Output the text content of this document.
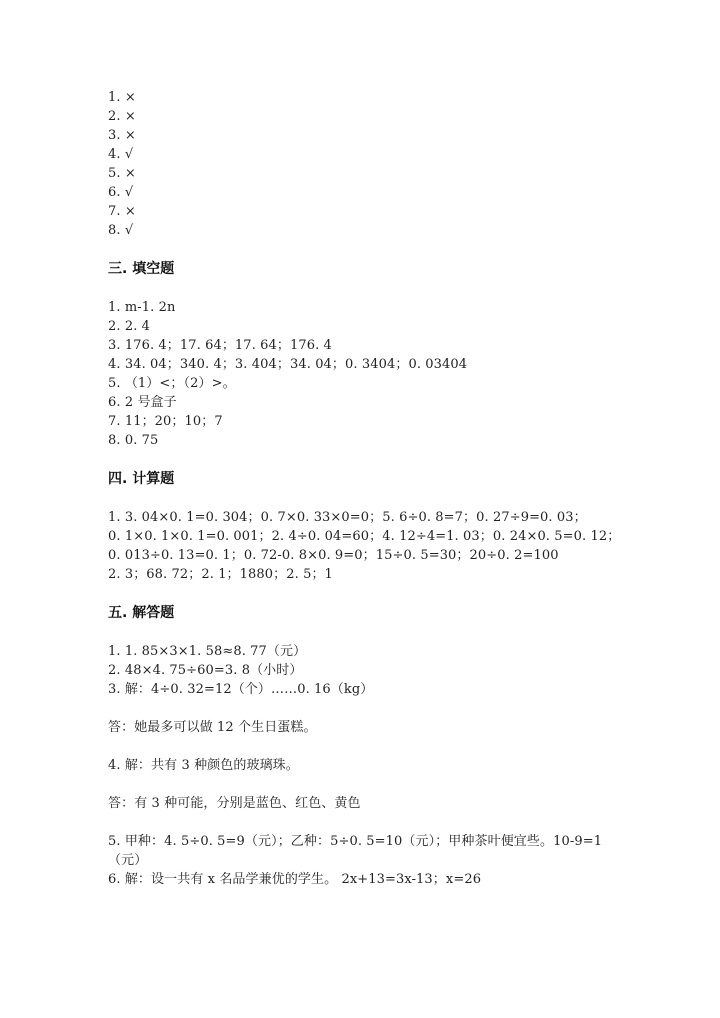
1. ×
2. ×
3. ×
4. √
5. ×
6. √
7. ×
8. √
三. 填空题
1. m-1. 2n
2. 2. 4
3. 176. 4；17. 64；17. 64；176. 4
4. 34. 04；340. 4；3. 404；34. 04；0. 3404；0. 03404
5. （1）<；（2）>。
6. 2 号盒子
7. 11；20；10；7
8. 0. 75
四. 计算题
1. 3. 04×0. 1=0. 304；0. 7×0. 33×0=0；5. 6÷0. 8=7；0. 27÷9=0. 03；
0. 1×0. 1×0. 1=0. 001；2. 4÷0. 04=60；4. 12÷4=1. 03；0. 24×0. 5=0. 12；
0. 013÷0. 13=0. 1；0. 72-0. 8×0. 9=0；15÷0. 5=30；20÷0. 2=100
2. 3；68. 72；2. 1；1880；2. 5；1
五. 解答题
1. 1. 85×3×1. 58≈8. 77（元）
2. 48×4. 75÷60=3. 8（小时）
3. 解：4÷0. 32=12（个）……0. 16（kg）
答：她最多可以做 12 个生日蛋糕。
4. 解：共有 3 种颜色的玻璃珠。
答：有 3 种可能，分别是蓝色、红色、黄色
5. 甲种：4. 5÷0. 5=9（元）；乙种：5÷0. 5=10（元）；甲种茶叶便宜些。10-9=1（元）
6. 解：设一共有 x 名品学兼优的学生。 2x+13=3x-13；x=26
